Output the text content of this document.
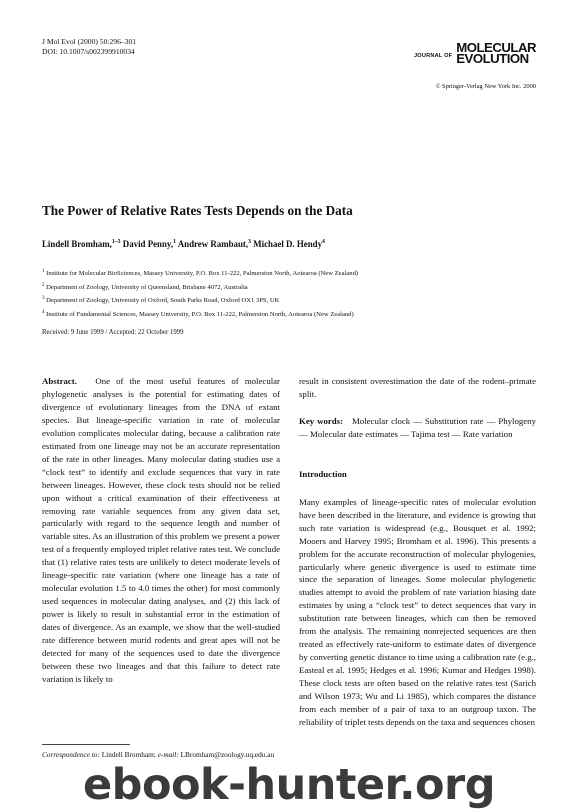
J Mol Evol (2000) 50:296–301
DOI: 10.1007/s002399910034
$^{JOURNAL OF}$
MOLECULAR
EVOLUTION
© Springer-Verlag New York Inc. 2000
The Power of Relative Rates Tests Depends on the Data
Lindell Bromham,$^{1-3}$ David Penny,$^1$ Andrew Rambaut,$^3$ Michael D. Hendy$^4$
$^1$ Institute for Molecular BioSciences, Massey University, P.O. Box 11-222, Palmerston North, Aotearoa (New Zealand)
$^2$ Department of Zoology, University of Queensland, Brisbane 4072, Australia
$^3$ Department of Zoology, University of Oxford, South Parks Road, Oxford OX1 3PS, UK
$^4$ Institute of Fundamental Sciences, Massey University, P.O. Box 11-222, Palmerston North, Aotearoa (New Zealand)
Received: 9 June 1999 / Accepted: 22 October 1999
Abstract. One of the most useful features of molecular phylogenetic analyses is the potential for estimating dates of divergence of evolutionary lineages from the DNA of extant species. But lineage-specific variation in rate of molecular evolution complicates molecular dating, because a calibration rate estimated from one lineage may not be an accurate representation of the rate in other lineages. Many molecular dating studies use a “clock test” to identify and exclude sequences that vary in rate between lineages. However, these clock tests should not be relied upon without a critical examination of their effectiveness at removing rate variable sequences from any given data set, particularly with regard to the sequence length and number of variable sites. As an illustration of this problem we present a power test of a frequently employed triplet relative rates test. We conclude that (1) relative rates tests are unlikely to detect moderate levels of lineage-specific rate variation (where one lineage has a rate of molecular evolution 1.5 to 4.0 times the other) for most commonly used sequences in molecular dating analyses, and (2) this lack of power is likely to result in substantial error in the estimation of dates of divergence. As an example, we show that the well-studied rate difference between murid rodents and great apes will not be detected for many of the sequences used to date the divergence between these two lineages and that this failure to detect rate variation is likely to
Correspondence to: Lindell Bromham; e-mail: LBromham@zoology.uq.edu.au
result in consistent overestimation the date of the rodent–primate split.
Key words: Molecular clock — Substitution rate — Phylogeny — Molecular date estimates — Tajima test — Rate variation
Introduction
Many examples of lineage-specific rates of molecular evolution have been described in the literature, and evidence is growing that such rate variation is widespread (e.g., Bousquet et al. 1992; Mooers and Harvey 1995; Bromham et al. 1996). This presents a problem for the accurate reconstruction of molecular phylogenies, particularly where genetic divergence is used to estimate time since the separation of lineages. Some molecular phylogenetic studies attempt to avoid the problem of rate variation biasing date estimates by using a “clock test” to detect sequences that vary in substitution rate between lineages, which can then be removed from the analysis. The remaining nonrejected sequences are then treated as effectively rate-uniform to estimate dates of divergence by converting genetic distance to time using a calibration rate (e.g., Easteal et al. 1995; Hedges et al. 1996; Kumar and Hedges 1998). These clock tests are often based on the relative rates test (Sarich and Wilson 1973; Wu and Li 1985), which compares the distance from each member of a pair of taxa to an outgroup taxon. The reliability of triplet tests depends on the taxa and sequences chosen
ebook-hunter.org
